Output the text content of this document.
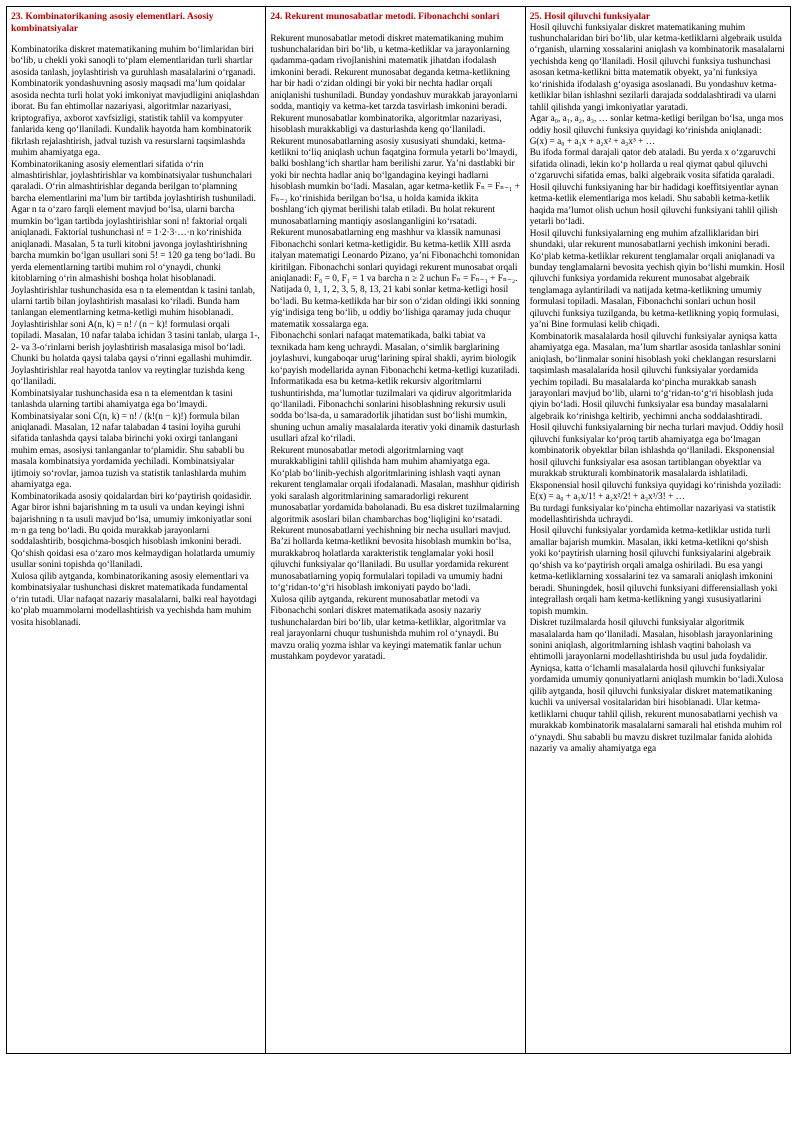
23. Kombinatorikaning asosiy elementlari. Asosiy kombinatsiyalar

Kombinatorika diskret matematikaning muhim bo‘limlaridan biri bo‘lib, u chekli yoki sanoqli to‘plam elementlaridan turli shartlar asosida tanlash, joylashtirish va guruhlash masalalarini o‘rganadi. Kombinatorik yondashuvning asosiy maqsadi ma’lum qoidalar asosida nechta turli holat yoki imkoniyat mavjudligini aniqlashdan iborat. Bu fan ehtimollar nazariyasi, algoritmlar nazariyasi, kriptografiya, axborot xavfsizligi, statistik tahlil va kompyuter fanlarida keng qo‘llaniladi. Kundalik hayotda ham kombinatorik fikrlash rejalashtirish, jadval tuzish va resurslarni taqsimlashda muhim ahamiyatga ega.

Kombinatorikaning asosiy elementlari sifatida o‘rin almashtirishlar, joylashtirishlar va kombinatsiyalar tushunchalari qaraladi. O‘rin almashtirishlar deganda berilgan to‘plamning barcha elementlarini ma’lum bir tartibda joylashtirish tushuniladi. Agar n ta o‘zaro farqli element mavjud bo‘lsa, ularni barcha mumkin bo‘lgan tartibda joylashtirishlar soni n! faktorial orqali aniqlanadi. Faktorial tushunchasi n! = 1·2·3·…·n ko‘rinishida aniqlanadi. Masalan, 5 ta turli kitobni javonga joylashtirishning barcha mumkin bo‘lgan usullari soni 5! = 120 ga teng bo‘ladi. Bu yerda elementlarning tartibi muhim rol o‘ynaydi, chunki kitoblarning o‘rin almashishi boshqa holat hisoblanadi.

Joylashtirishlar tushunchasida esa n ta elementdan k tasini tanlab, ularni tartib bilan joylashtirish masalasi ko‘riladi. Bunda ham tanlangan elementlarning ketma-ketligi muhim hisoblanadi. Joylashtirishlar soni A(n, k) = n! / (n − k)! formulasi orqali topiladi. Masalan, 10 nafar talaba ichidan 3 tasini tanlab, ularga 1-, 2- va 3-o‘rinlarni berish joylashtirish masalasiga misol bo‘ladi. Chunki bu holatda qaysi talaba qaysi o‘rinni egallashi muhimdir. Joylashtirishlar real hayotda tanlov va reytinglar tuzishda keng qo‘llaniladi.

Kombinatsiyalar tushunchasida esa n ta elementdan k tasini tanlashda ularning tartibi ahamiyatga ega bo‘lmaydi. Kombinatsiyalar soni C(n, k) = n! / (k!(n − k)!) formula bilan aniqlanadi. Masalan, 12 nafar talabadan 4 tasini loyiha guruhi sifatida tanlashda qaysi talaba birinchi yoki oxirgi tanlangani muhim emas, asosiysi tanlanganlar to‘plamidir. Shu sababli bu masala kombinatsiya yordamida yechiladi. Kombinatsiyalar ijtimoiy so‘rovlar, jamoa tuzish va statistik tanlashlarda muhim ahamiyatga ega.

Kombinatorikada asosiy qoidalardan biri ko‘paytirish qoidasidir. Agar biror ishni bajarishning m ta usuli va undan keyingi ishni bajarishning n ta usuli mavjud bo‘lsa, umumiy imkoniyatlar soni m·n ga teng bo‘ladi. Bu qoida murakkab jarayonlarni soddalashtirib, bosqichma-bosqich hisoblash imkonini beradi. Qo‘shish qoidasi esa o‘zaro mos kelmaydigan holatlarda umumiy usullar sonini topishda qo‘llaniladi.

Xulosa qilib aytganda, kombinatorikaning asosiy elementlari va kombinatsiyalar tushunchasi diskret matematikada fundamental o‘rin tutadi. Ular nafaqat nazariy masalalarni, balki real hayotdagi ko‘plab muammolarni modellashtirish va yechishda ham muhim vosita hisoblanadi.

24. Rekurent munosabatlar metodi. Fibonachchi sonlari

Rekurent munosabatlar metodi diskret matematikaning muhim tushunchalaridan biri bo‘lib, u ketma-ketliklar va jarayonlarning qadamma-qadam rivojlanishini matematik jihatdan ifodalash imkonini beradi. Rekurent munosabat deganda ketma-ketlikning har bir hadi o‘zidan oldingi bir yoki bir nechta hadlar orqali aniqlanishi tushuniladi. Bunday yondashuv murakkab jarayonlarni sodda, mantiqiy va ketma-ket tarzda tasvirlash imkonini beradi. Rekurent munosabatlar kombinatorika, algoritmlar nazariyasi, hisoblash murakkabligi va dasturlashda keng qo‘llaniladi.

Rekurent munosabatlarning asosiy xususiyati shundaki, ketma-ketlikni to‘liq aniqlash uchun faqatgina formula yetarli bo‘lmaydi, balki boshlang‘ich shartlar ham berilishi zarur. Ya’ni dastlabki bir yoki bir nechta hadlar aniq bo‘lgandagina keyingi hadlarni hisoblash mumkin bo‘ladi. Masalan, agar ketma-ketlik Fₙ = Fₙ₋₁ + Fₙ₋₂ ko‘rinishida berilgan bo‘lsa, u holda kamida ikkita boshlang‘ich qiymat berilishi talab etiladi. Bu holat rekurent munosabatlarning mantiqiy asoslanganligini ko‘rsatadi.

Rekurent munosabatlarning eng mashhur va klassik namunasi Fibonachchi sonlari ketma-ketligidir. Bu ketma-ketlik XIII asrda italyan matematigi Leonardo Pizano, ya’ni Fibonachchi tomonidan kiritilgan. Fibonachchi sonlari quyidagi rekurent munosabat orqali aniqlanadi: F₀ = 0, F₁ = 1 va barcha n ≥ 2 uchun Fₙ = Fₙ₋₁ + Fₙ₋₂. Natijada 0, 1, 1, 2, 3, 5, 8, 13, 21 kabi sonlar ketma-ketligi hosil bo‘ladi. Bu ketma-ketlikda har bir son o‘zidan oldingi ikki sonning yig‘indisiga teng bo‘lib, u oddiy bo‘lishiga qaramay juda chuqur matematik xossalarga ega.

Fibonachchi sonlari nafaqat matematikada, balki tabiat va texnikada ham keng uchraydi. Masalan, o‘simlik barglarining joylashuvi, kungaboqar urug‘larining spiral shakli, ayrim biologik ko‘payish modellarida aynan Fibonachchi ketma-ketligi kuzatiladi. Informatikada esa bu ketma-ketlik rekursiv algoritmlarni tushuntirishda, ma’lumotlar tuzilmalari va qidiruv algoritmlarida qo‘llaniladi. Fibonachchi sonlarini hisoblashning rekursiv usuli sodda bo‘lsa-da, u samaradorlik jihatidan sust bo‘lishi mumkin, shuning uchun amaliy masalalarda iterativ yoki dinamik dasturlash usullari afzal ko‘riladi.

Rekurent munosabatlar metodi algoritmlarning vaqt murakkabligini tahlil qilishda ham muhim ahamiyatga ega. Ko‘plab bo‘linib-yechish algoritmlarining ishlash vaqti aynan rekurent tenglamalar orqali ifodalanadi. Masalan, mashhur qidirish yoki saralash algoritmlarining samaradorligi rekurent munosabatlar yordamida baholanadi. Bu esa diskret tuzilmalarning algoritmik asoslari bilan chambarchas bog‘liqligini ko‘rsatadi.

Rekurent munosabatlarni yechishning bir necha usullari mavjud. Ba’zi hollarda ketma-ketlikni bevosita hisoblash mumkin bo‘lsa, murakkabroq holatlarda xarakteristik tenglamalar yoki hosil qiluvchi funksiyalar qo‘llaniladi. Bu usullar yordamida rekurent munosabatlarning yopiq formulalari topiladi va umumiy hadni to‘g‘ridan-to‘g‘ri hisoblash imkoniyati paydo bo‘ladi.

Xulosa qilib aytganda, rekurent munosabatlar metodi va Fibonachchi sonlari diskret matematikada asosiy nazariy tushunchalardan biri bo‘lib, ular ketma-ketliklar, algoritmlar va real jarayonlarni chuqur tushunishda muhim rol o‘ynaydi. Bu mavzu oraliq yozma ishlar va keyingi matematik fanlar uchun mustahkam poydevor yaratadi.

25. Hosil qiluvchi funksiyalar

Hosil qiluvchi funksiyalar diskret matematikaning muhim tushunchalaridan biri bo‘lib, ular ketma-ketliklarni algebraik usulda o‘rganish, ularning xossalarini aniqlash va kombinatorik masalalarni yechishda keng qo‘llaniladi. Hosil qiluvchi funksiya tushunchasi asosan ketma-ketlikni bitta matematik obyekt, ya’ni funksiya ko‘rinishida ifodalash g‘oyasiga asoslanadi. Bu yondashuv ketma-ketliklar bilan ishlashni sezilarli darajada soddalashtiradi va ularni tahlil qilishda yangi imkoniyatlar yaratadi.

Agar a₀, a₁, a₂, a₃, … sonlar ketma-ketligi berilgan bo‘lsa, unga mos oddiy hosil qiluvchi funksiya quyidagi ko‘rinishda aniqlanadi:

G(x) = a₀ + a₁x + a₂x² + a₃x³ + …

Bu ifoda formal darajali qator deb ataladi. Bu yerda x o‘zgaruvchi sifatida olinadi, lekin ko‘p hollarda u real qiymat qabul qiluvchi o‘zgaruvchi sifatida emas, balki algebraik vosita sifatida qaraladi. Hosil qiluvchi funksiyaning har bir hadidagi koeffitsiyentlar aynan ketma-ketlik elementlariga mos keladi. Shu sababli ketma-ketlik haqida ma’lumot olish uchun hosil qiluvchi funksiyani tahlil qilish yetarli bo‘ladi.

Hosil qiluvchi funksiyalarning eng muhim afzalliklaridan biri shundaki, ular rekurent munosabatlarni yechish imkonini beradi. Ko‘plab ketma-ketliklar rekurent tenglamalar orqali aniqlanadi va bunday tenglamalarni bevosita yechish qiyin bo‘lishi mumkin. Hosil qiluvchi funksiya yordamida rekurent munosabat algebraik tenglamaga aylantiriladi va natijada ketma-ketlikning umumiy formulasi topiladi. Masalan, Fibonachchi sonlari uchun hosil qiluvchi funksiya tuzilganda, bu ketma-ketlikning yopiq formulasi, ya’ni Bine formulasi kelib chiqadi.

Kombinatorik masalalarda hosil qiluvchi funksiyalar ayniqsa katta ahamiyatga ega. Masalan, ma’lum shartlar asosida tanlashlar sonini aniqlash, bo‘linmalar sonini hisoblash yoki cheklangan resurslarni taqsimlash masalalarida hosil qiluvchi funksiyalar yordamida yechim topiladi. Bu masalalarda ko‘pincha murakkab sanash jarayonlari mavjud bo‘lib, ularni to‘g‘ridan-to‘g‘ri hisoblash juda qiyin bo‘ladi. Hosil qiluvchi funksiyalar esa bunday masalalarni algebraik ko‘rinishga keltirib, yechimni ancha soddalashtiradi.

Hosil qiluvchi funksiyalarning bir necha turlari mavjud. Oddiy hosil qiluvchi funksiyalar ko‘proq tartib ahamiyatga ega bo‘lmagan kombinatorik obyektlar bilan ishlashda qo‘llaniladi. Eksponensial hosil qiluvchi funksiyalar esa asosan tartiblangan obyektlar va murakkab strukturali kombinatorik masalalarda ishlatiladi. Eksponensial hosil qiluvchi funksiya quyidagi ko‘rinishda yoziladi:

E(x) = a₀ + a₁x/1! + a₂x²/2! + a₃x³/3! + …

Bu turdagi funksiyalar ko‘pincha ehtimollar nazariyasi va statistik modellashtirishda uchraydi.

Hosil qiluvchi funksiyalar yordamida ketma-ketliklar ustida turli amallar bajarish mumkin. Masalan, ikki ketma-ketlikni qo‘shish yoki ko‘paytirish ularning hosil qiluvchi funksiyalarini algebraik qo‘shish va ko‘paytirish orqali amalga oshiriladi. Bu esa yangi ketma-ketliklarning xossalarini tez va samarali aniqlash imkonini beradi. Shuningdek, hosil qiluvchi funksiyani differensiallash yoki integrallash orqali ham ketma-ketlikning yangi xususiyatlarini topish mumkin.

Diskret tuzilmalarda hosil qiluvchi funksiyalar algoritmik masalalarda ham qo‘llaniladi. Masalan, hisoblash jarayonlarining sonini aniqlash, algoritmlarning ishlash vaqtini baholash va ehtimolli jarayonlarni modellashtirishda bu usul juda foydalidir. Ayniqsa, katta o‘lchamli masalalarda hosil qiluvchi funksiyalar yordamida umumiy qonuniyatlarni aniqlash mumkin bo‘ladi.Xulosa qilib aytganda, hosil qiluvchi funksiyalar diskret matematikaning kuchli va universal vositalaridan biri hisoblanadi. Ular ketma-ketliklarni chuqur tahlil qilish, rekurent munosabatlarni yechish va murakkab kombinatorik masalalarni samarali hal etishda muhim rol o‘ynaydi. Shu sababli bu mavzu diskret tuzilmalar fanida alohida nazariy va amaliy ahamiyatga ega
